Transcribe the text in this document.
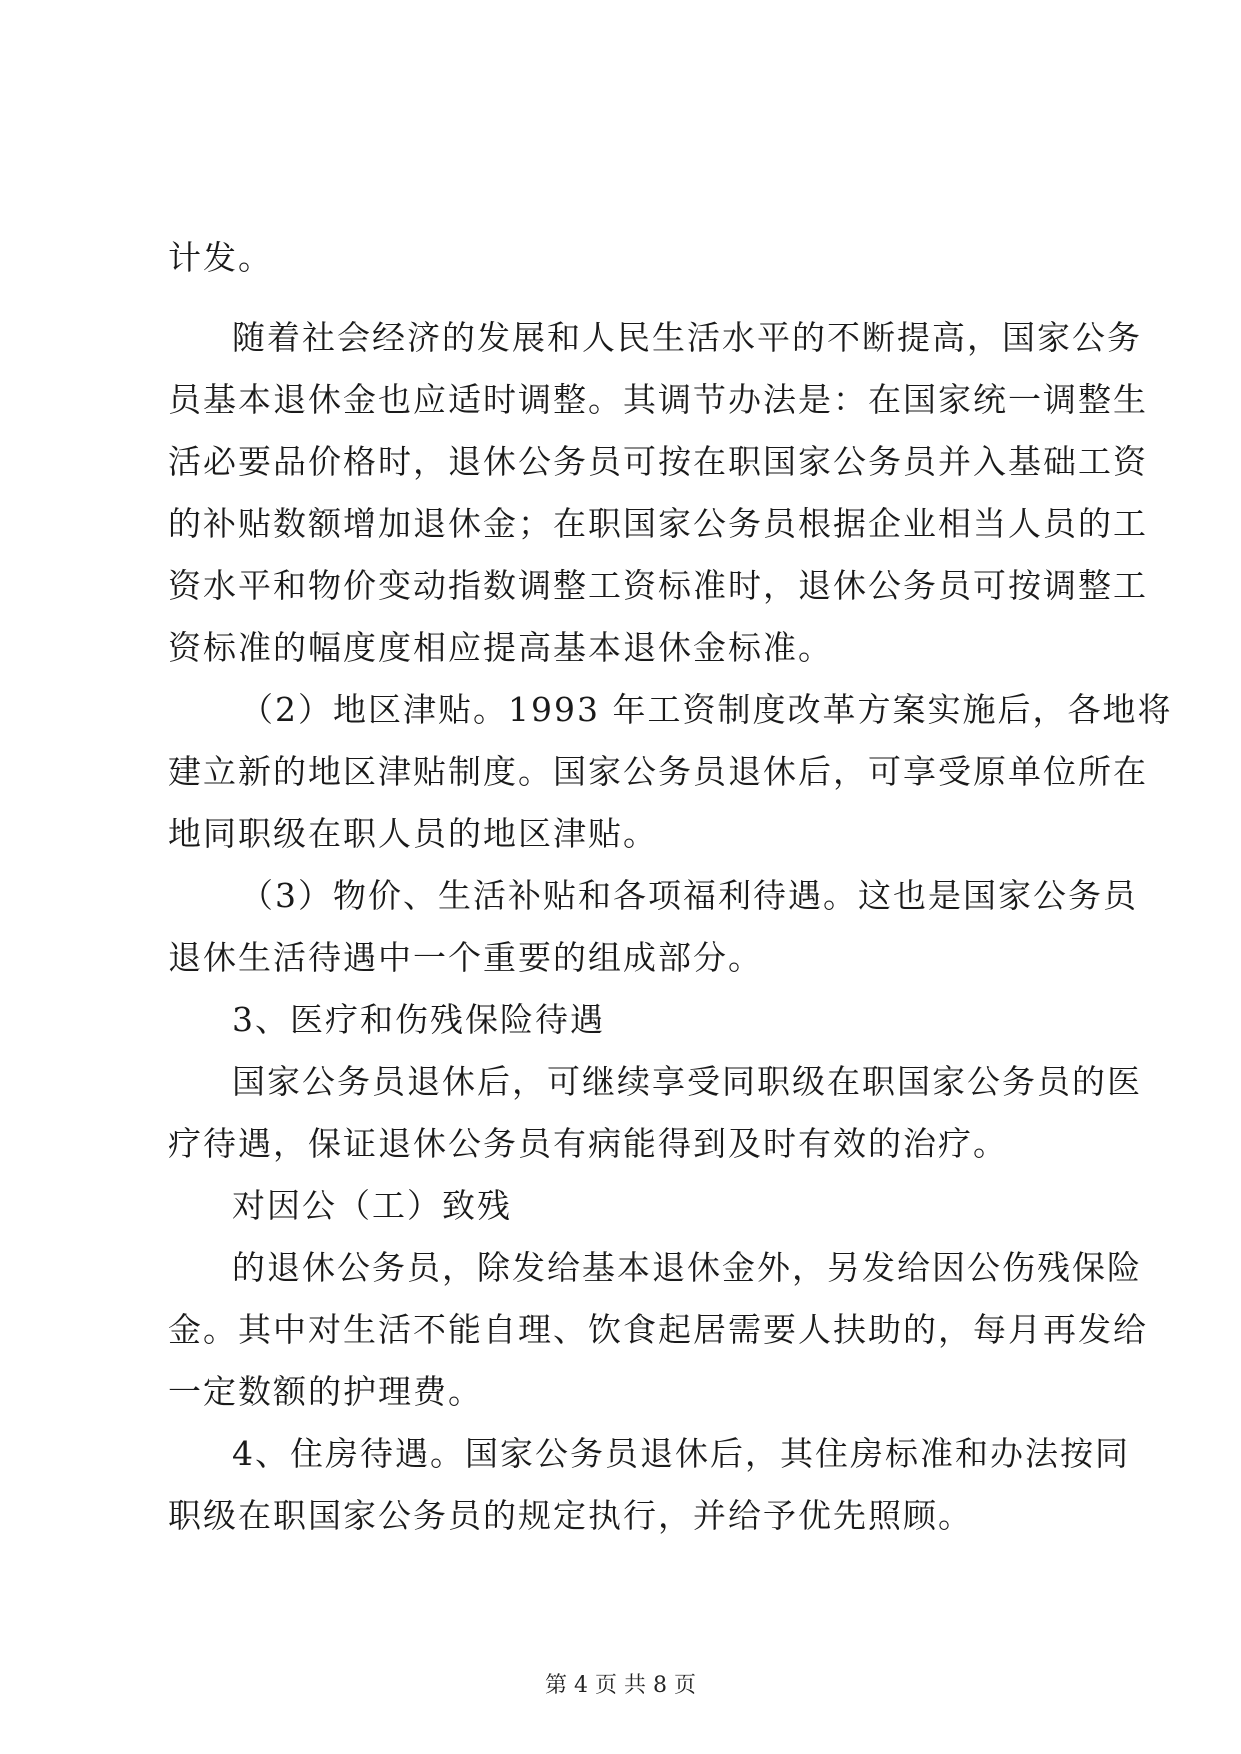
计发。
随着社会经济的发展和人民生活水平的不断提高，国家公务
员基本退休金也应适时调整。其调节办法是：在国家统一调整生
活必要品价格时，退休公务员可按在职国家公务员并入基础工资
的补贴数额增加退休金；在职国家公务员根据企业相当人员的工
资水平和物价变动指数调整工资标准时，退休公务员可按调整工
资标准的幅度度相应提高基本退休金标准。
（2）地区津贴。1993 年工资制度改革方案实施后，各地将
建立新的地区津贴制度。国家公务员退休后，可享受原单位所在
地同职级在职人员的地区津贴。
（3）物价、生活补贴和各项福利待遇。这也是国家公务员
退休生活待遇中一个重要的组成部分。
3、医疗和伤残保险待遇
国家公务员退休后，可继续享受同职级在职国家公务员的医
疗待遇，保证退休公务员有病能得到及时有效的治疗。
对因公（工）致残
的退休公务员，除发给基本退休金外，另发给因公伤残保险
金。其中对生活不能自理、饮食起居需要人扶助的，每月再发给
一定数额的护理费。
4、住房待遇。国家公务员退休后，其住房标准和办法按同
职级在职国家公务员的规定执行，并给予优先照顾。
第 4 页 共 8 页
